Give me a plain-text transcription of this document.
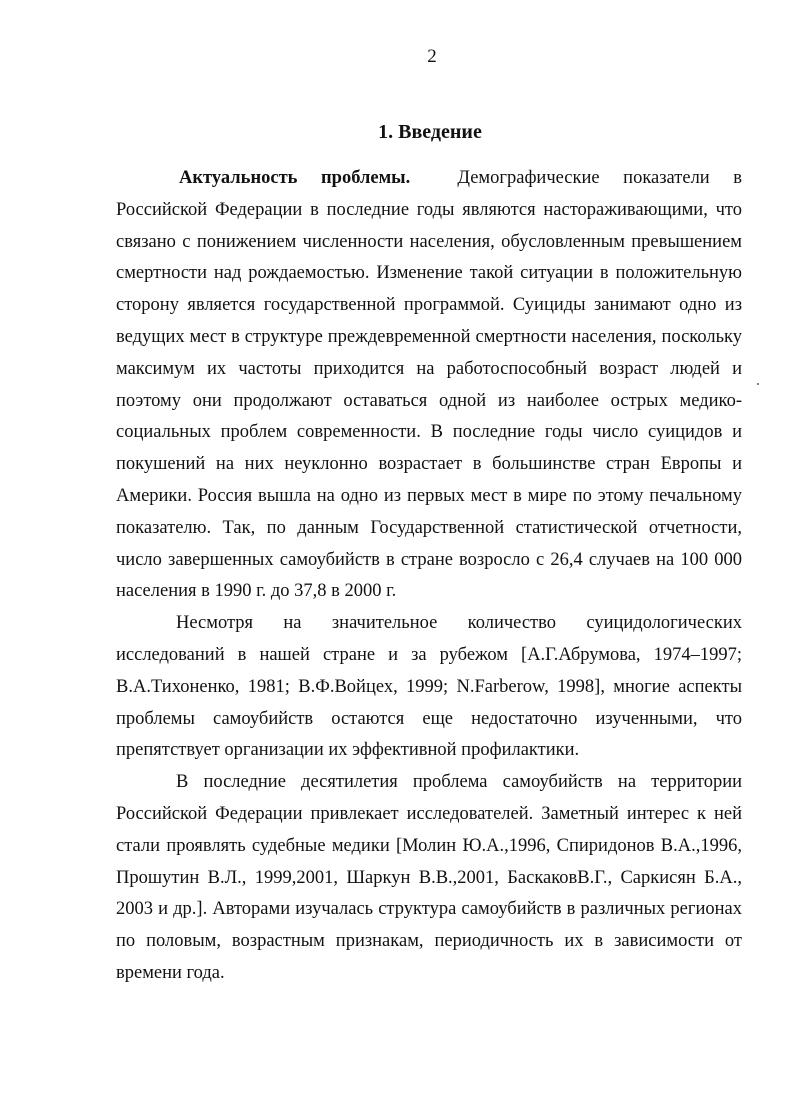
2
1. Введение

Актуальность проблемы.	Демографические показатели в Российской Федерации в последние годы являются настораживающими, что связано с понижением численности населения, обусловленным превышением смертности над рождаемостью. Изменение такой ситуации в положительную сторону является государственной программой. Суициды занимают одно из ведущих мест в структуре преждевременной смертности населения, поскольку максимум их частоты приходится на работоспособный возраст людей и поэтому они продолжают оставаться одной из наиболее острых медико-социальных проблем современности. В последние годы число суицидов и покушений на них неуклонно возрастает в большинстве стран Европы и Америки. Россия вышла на одно из первых мест в мире по этому печальному показателю. Так, по данным Государственной статистической отчетности, число завершенных самоубийств в стране возросло с 26,4 случаев на 100 000 населения в 1990 г. до 37,8 в 2000 г.

Несмотря на значительное количество суицидологических исследований в нашей стране и за рубежом [А.Г.Абрумова, 1974–1997; В.А.Тихоненко, 1981; В.Ф.Войцех, 1999; N.Farberow, 1998], многие аспекты проблемы самоубийств остаются еще недостаточно изученными, что препятствует организации их эффективной профилактики.

В последние десятилетия проблема самоубийств на территории Российской Федерации привлекает исследователей. Заметный интерес к ней стали проявлять судебные медики [Молин Ю.А.,1996, Спиридонов В.А.,1996, Прошутин В.Л., 1999,2001, Шаркун В.В.,2001, БаскаковВ.Г., Саркисян Б.А., 2003 и др.]. Авторами изучалась структура самоубийств в различных регионах по половым, возрастным признакам, периодичность их в зависимости от времени года.
